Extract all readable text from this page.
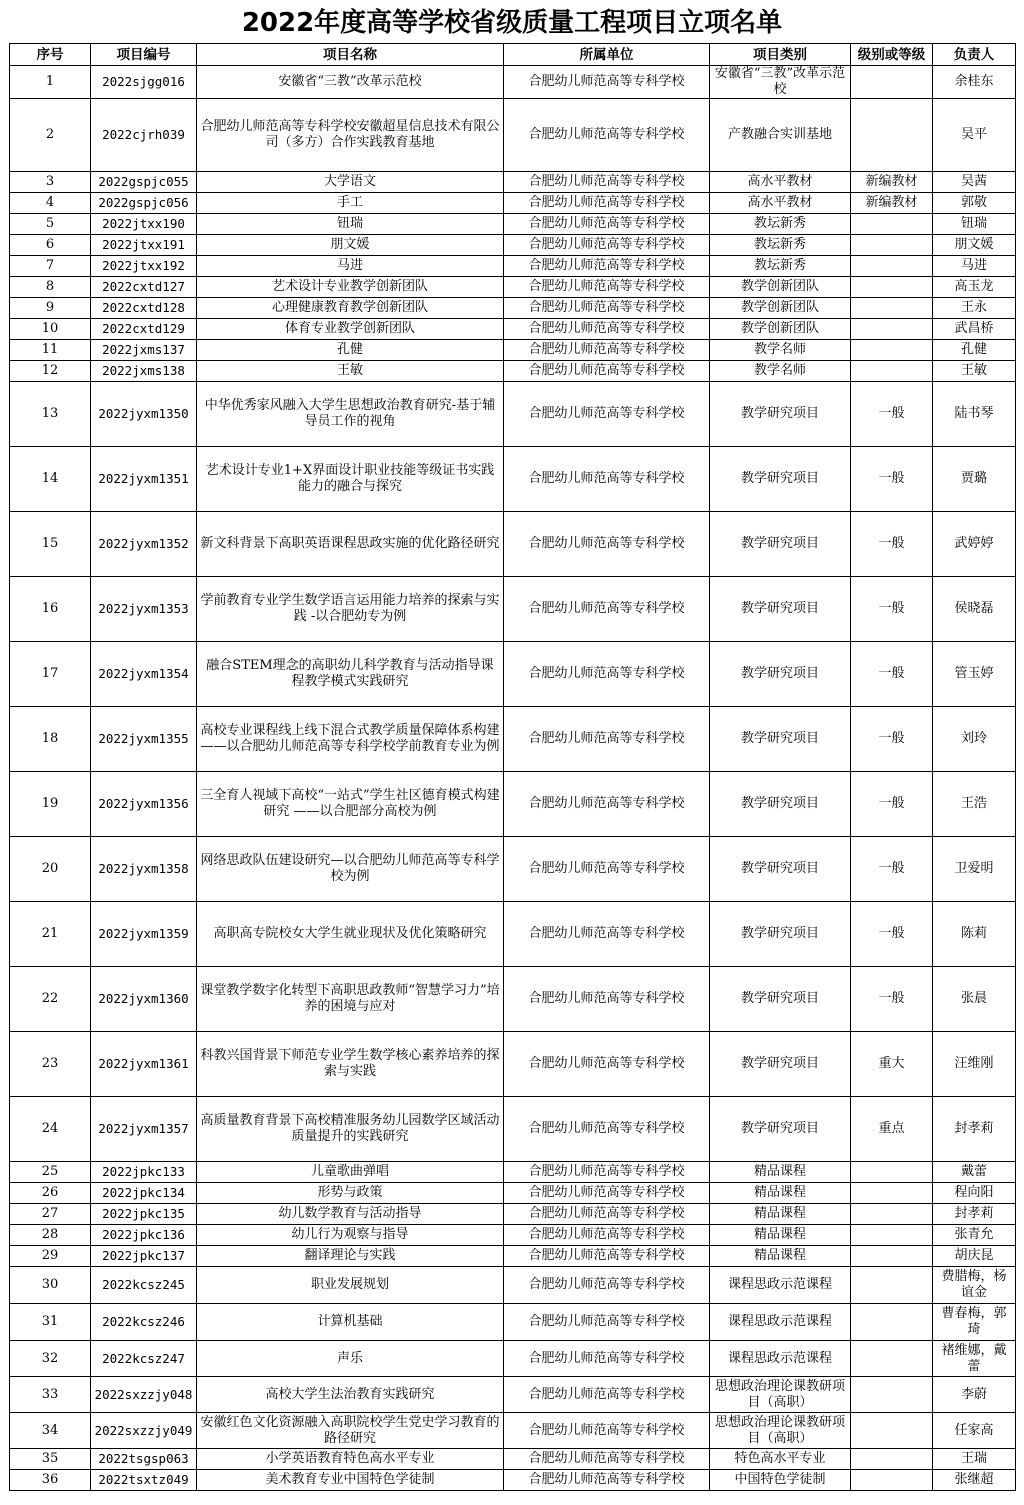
2022年度高等学校省级质量工程项目立项名单
序号	项目编号	项目名称	所属单位	项目类别	级别或等级	负责人
1	2022sjgg016	安徽省“三教”改革示范校	合肥幼儿师范高等专科学校	安徽省“三教”改革示范校		余桂东
2	2022cjrh039	合肥幼儿师范高等专科学校安徽超星信息技术有限公司（多方）合作实践教育基地	合肥幼儿师范高等专科学校	产教融合实训基地		吴平
3	2022gspjc055	大学语文	合肥幼儿师范高等专科学校	高水平教材	新编教材	吴茜
4	2022gspjc056	手工	合肥幼儿师范高等专科学校	高水平教材	新编教材	郭敬
5	2022jtxx190	钮瑞	合肥幼儿师范高等专科学校	教坛新秀		钮瑞
6	2022jtxx191	朋文媛	合肥幼儿师范高等专科学校	教坛新秀		朋文媛
7	2022jtxx192	马进	合肥幼儿师范高等专科学校	教坛新秀		马进
8	2022cxtd127	艺术设计专业教学创新团队	合肥幼儿师范高等专科学校	教学创新团队		高玉龙
9	2022cxtd128	心理健康教育教学创新团队	合肥幼儿师范高等专科学校	教学创新团队		王永
10	2022cxtd129	体育专业教学创新团队	合肥幼儿师范高等专科学校	教学创新团队		武昌桥
11	2022jxms137	孔健	合肥幼儿师范高等专科学校	教学名师		孔健
12	2022jxms138	王敏	合肥幼儿师范高等专科学校	教学名师		王敏
13	2022jyxm1350	中华优秀家风融入大学生思想政治教育研究-基于辅导员工作的视角	合肥幼儿师范高等专科学校	教学研究项目	一般	陆书琴
14	2022jyxm1351	艺术设计专业1+X界面设计职业技能等级证书实践能力的融合与探究	合肥幼儿师范高等专科学校	教学研究项目	一般	贾璐
15	2022jyxm1352	新文科背景下高职英语课程思政实施的优化路径研究	合肥幼儿师范高等专科学校	教学研究项目	一般	武婷婷
16	2022jyxm1353	学前教育专业学生数学语言运用能力培养的探索与实践 -以合肥幼专为例	合肥幼儿师范高等专科学校	教学研究项目	一般	侯晓磊
17	2022jyxm1354	融合STEM理念的高职幼儿科学教育与活动指导课程教学模式实践研究	合肥幼儿师范高等专科学校	教学研究项目	一般	管玉婷
18	2022jyxm1355	高校专业课程线上线下混合式教学质量保障体系构建——以合肥幼儿师范高等专科学校学前教育专业为例	合肥幼儿师范高等专科学校	教学研究项目	一般	刘玲
19	2022jyxm1356	三全育人视域下高校“一站式”学生社区德育模式构建研究 ——以合肥部分高校为例	合肥幼儿师范高等专科学校	教学研究项目	一般	王浩
20	2022jyxm1358	网络思政队伍建设研究—以合肥幼儿师范高等专科学校为例	合肥幼儿师范高等专科学校	教学研究项目	一般	卫爱明
21	2022jyxm1359	高职高专院校女大学生就业现状及优化策略研究	合肥幼儿师范高等专科学校	教学研究项目	一般	陈莉
22	2022jyxm1360	课堂教学数字化转型下高职思政教师“智慧学习力”培养的困境与应对	合肥幼儿师范高等专科学校	教学研究项目	一般	张晨
23	2022jyxm1361	科教兴国背景下师范专业学生数学核心素养培养的探索与实践	合肥幼儿师范高等专科学校	教学研究项目	重大	汪维刚
24	2022jyxm1357	高质量教育背景下高校精准服务幼儿园数学区域活动质量提升的实践研究	合肥幼儿师范高等专科学校	教学研究项目	重点	封孝莉
25	2022jpkc133	儿童歌曲弹唱	合肥幼儿师范高等专科学校	精品课程		戴蕾
26	2022jpkc134	形势与政策	合肥幼儿师范高等专科学校	精品课程		程向阳
27	2022jpkc135	幼儿数学教育与活动指导	合肥幼儿师范高等专科学校	精品课程		封孝莉
28	2022jpkc136	幼儿行为观察与指导	合肥幼儿师范高等专科学校	精品课程		张青允
29	2022jpkc137	翻译理论与实践	合肥幼儿师范高等专科学校	精品课程		胡庆昆
30	2022kcsz245	职业发展规划	合肥幼儿师范高等专科学校	课程思政示范课程		费腊梅，杨谊金
31	2022kcsz246	计算机基础	合肥幼儿师范高等专科学校	课程思政示范课程		曹春梅，郭琦
32	2022kcsz247	声乐	合肥幼儿师范高等专科学校	课程思政示范课程		褚维娜，戴蕾
33	2022sxzzjy048	高校大学生法治教育实践研究	合肥幼儿师范高等专科学校	思想政治理论课教研项目（高职）		李蔚
34	2022sxzzjy049	安徽红色文化资源融入高职院校学生党史学习教育的路径研究	合肥幼儿师范高等专科学校	思想政治理论课教研项目（高职）		任家高
35	2022tsgsp063	小学英语教育特色高水平专业	合肥幼儿师范高等专科学校	特色高水平专业		王瑞
36	2022tsxtz049	美术教育专业中国特色学徒制	合肥幼儿师范高等专科学校	中国特色学徒制		张继超
